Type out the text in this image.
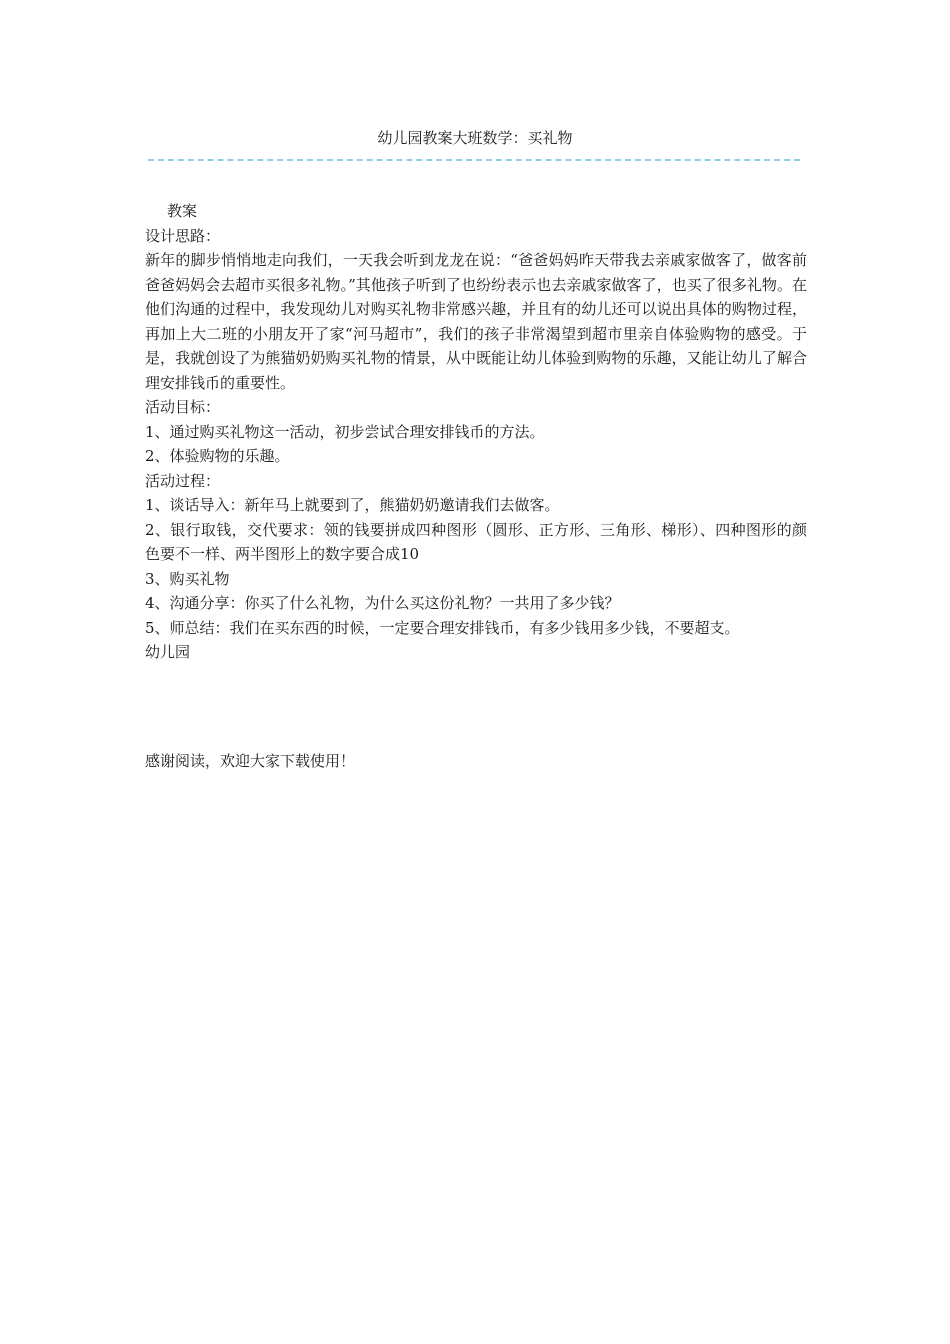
幼儿园教案大班数学：买礼物

教案

设计思路：

新年的脚步悄悄地走向我们，一天我会听到龙龙在说：“爸爸妈妈昨天带我去亲戚家做客了，做客前爸爸妈妈会去超市买很多礼物。”其他孩子听到了也纷纷表示也去亲戚家做客了，也买了很多礼物。在他们沟通的过程中，我发现幼儿对购买礼物非常感兴趣，并且有的幼儿还可以说出具体的购物过程，再加上大二班的小朋友开了家“河马超市”，我们的孩子非常渴望到超市里亲自体验购物的感受。于是，我就创设了为熊猫奶奶购买礼物的情景，从中既能让幼儿体验到购物的乐趣，又能让幼儿了解合理安排钱币的重要性。

活动目标：

1、通过购买礼物这一活动，初步尝试合理安排钱币的方法。

2、体验购物的乐趣。

活动过程：

1、谈话导入：新年马上就要到了，熊猫奶奶邀请我们去做客。

2、银行取钱，交代要求：领的钱要拼成四种图形（圆形、正方形、三角形、梯形）、四种图形的颜色要不一样、两半图形上的数字要合成10

3、购买礼物

4、沟通分享：你买了什么礼物，为什么买这份礼物？一共用了多少钱？

5、师总结：我们在买东西的时候，一定要合理安排钱币，有多少钱用多少钱，不要超支。

幼儿园

感谢阅读，欢迎大家下载使用！
